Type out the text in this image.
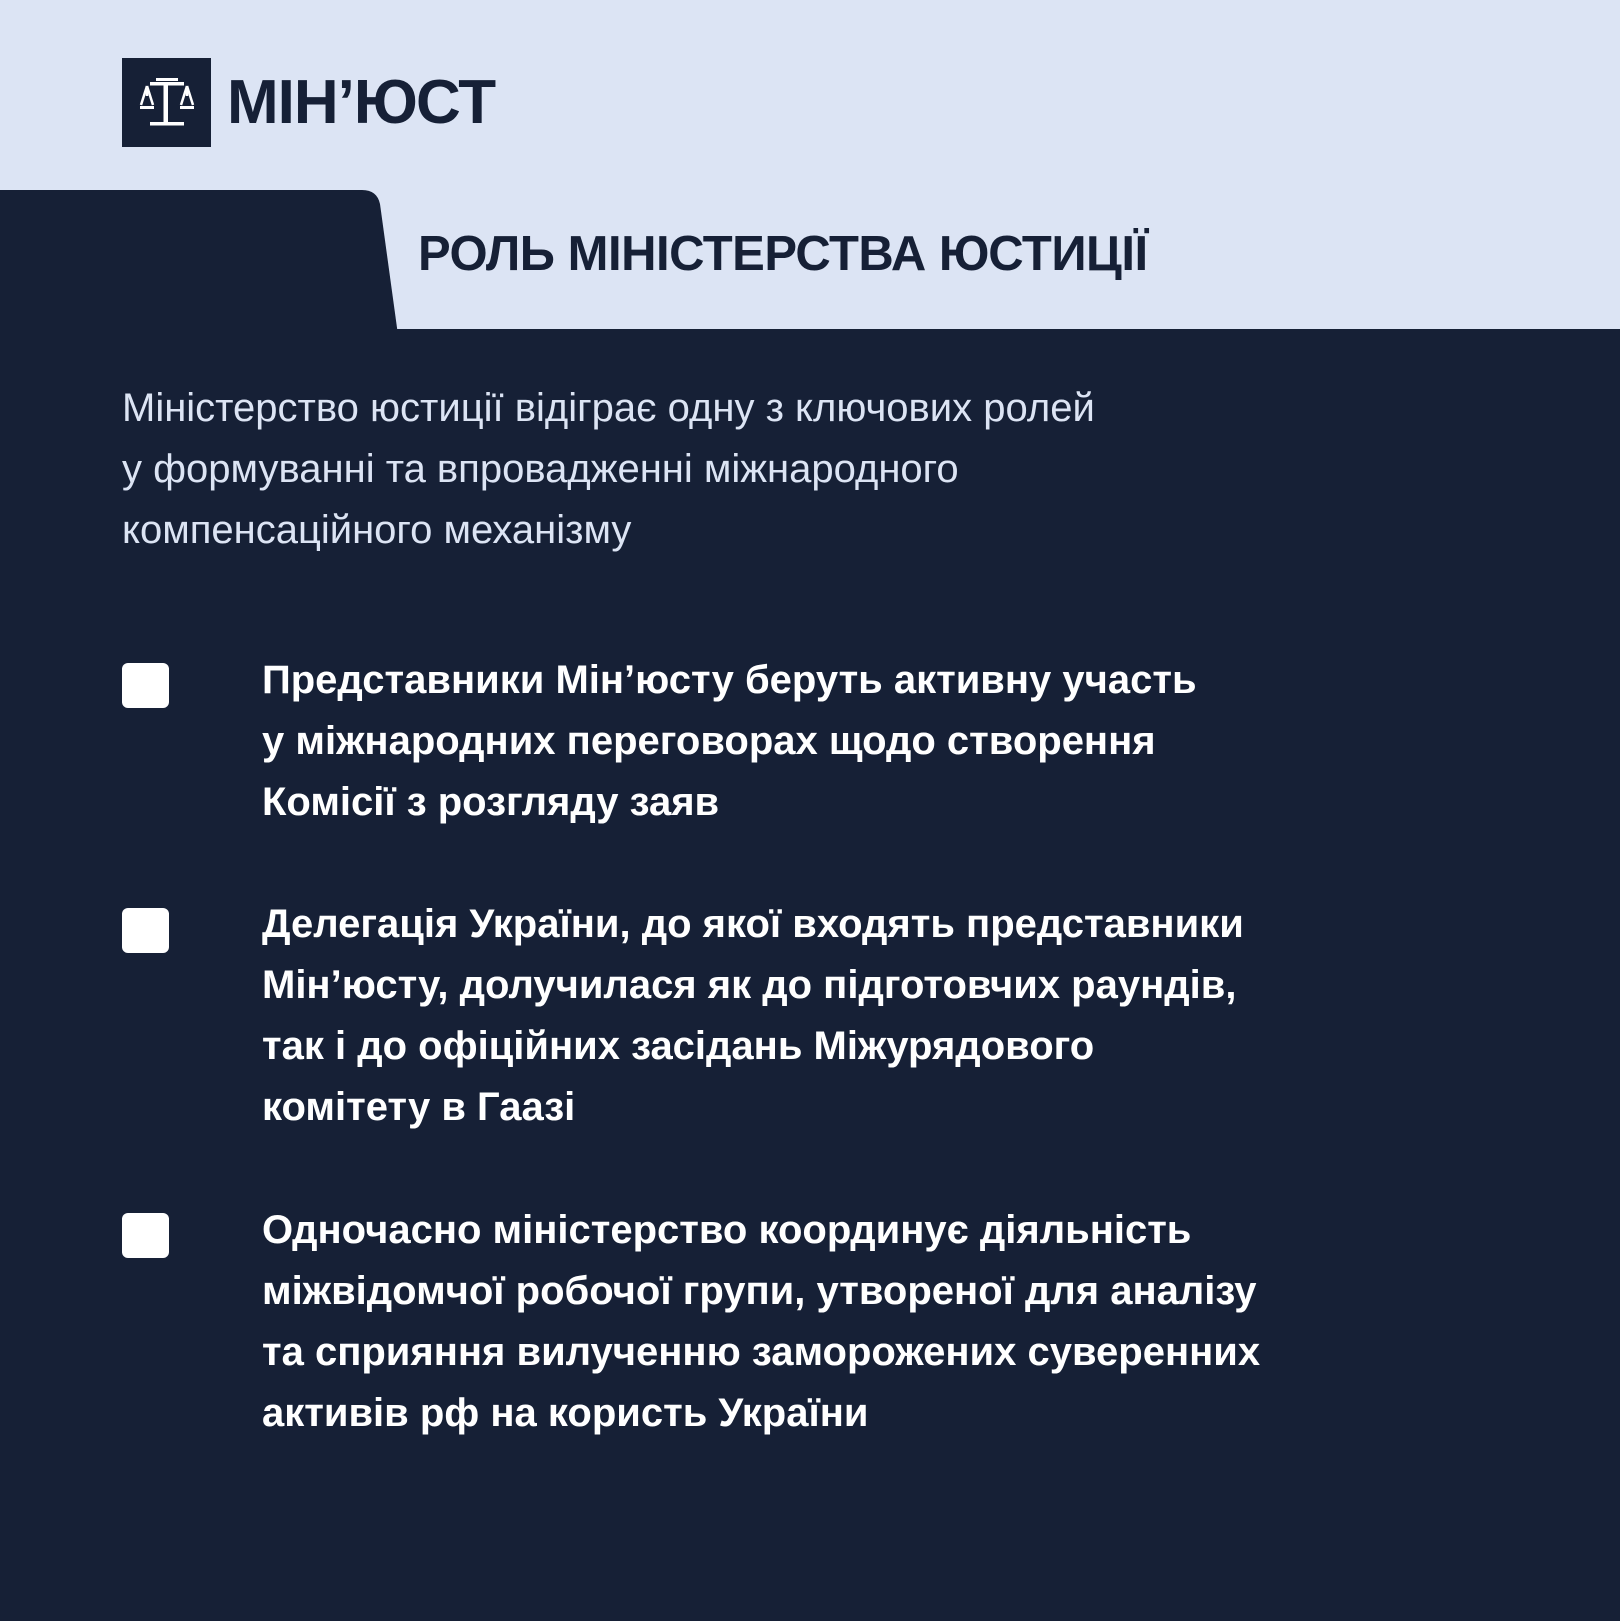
МІН’ЮСТ
РОЛЬ МІНІСТЕРСТВА ЮСТИЦІЇ

Міністерство юстиції відіграє одну з ключових ролей
у формуванні та впровадженні міжнародного
компенсаційного механізму

Представники Мін’юсту беруть активну участь
у міжнародних переговорах щодо створення
Комісії з розгляду заяв

Делегація України, до якої входять представники
Мін’юсту, долучилася як до підготовчих раундів,
так і до офіційних засідань Міжурядового
комітету в Гаазі

Одночасно міністерство координує діяльність
міжвідомчої робочої групи, утвореної для аналізу
та сприяння вилученню заморожених суверенних
активів рф на користь України
